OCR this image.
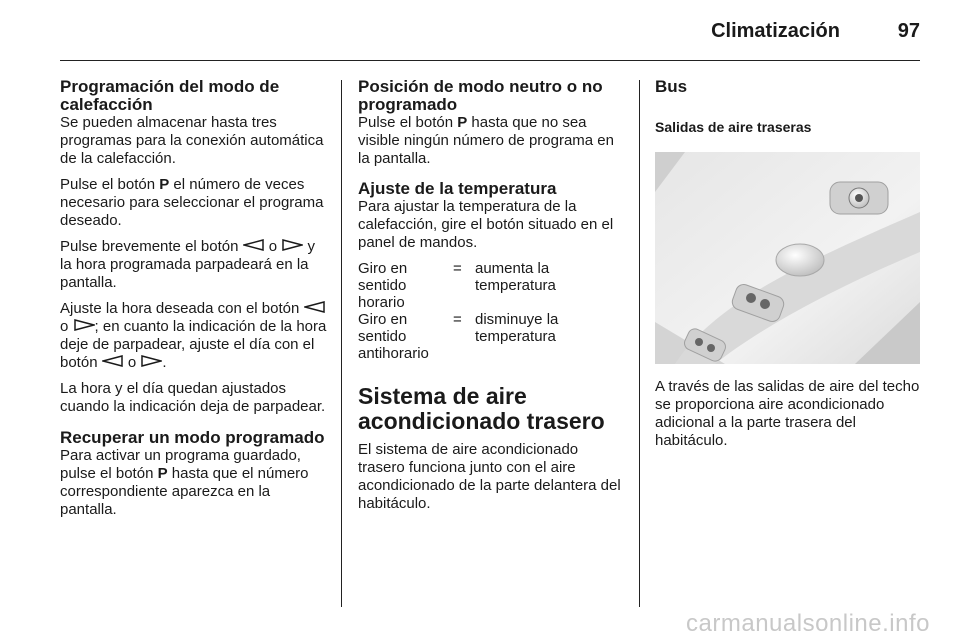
Climatización	97
Programación del modo de calefacción

Se pueden almacenar hasta tres programas para la conexión automática de la calefacción.

Pulse el botón P el número de veces necesario para seleccionar el programa deseado.

Pulse brevemente el botón  o  y la hora programada parpadeará en la pantalla.

Ajuste la hora deseada con el botón  o ; en cuanto la indicación de la hora deje de parpadear, ajuste el día con el botón  o .

La hora y el día quedan ajustados cuando la indicación deja de parpadear.

Recuperar un modo programado

Para activar un programa guardado, pulse el botón P hasta que el número correspondiente aparezca en la pantalla.

Posición de modo neutro o no programado

Pulse el botón P hasta que no sea visible ningún número de programa en la pantalla.

Ajuste de la temperatura

Para ajustar la temperatura de la calefacción, gire el botón situado en el panel de mandos.

Giro en sentido horario
= aumenta la temperatura
Giro en sentido antihorario
= disminuye la temperatura
Sistema de aire acondicionado trasero

El sistema de aire acondicionado trasero funciona junto con el aire acondicionado de la parte delantera del habitáculo.

Bus
Salidas de aire traseras

A través de las salidas de aire del techo se proporciona aire acondicionado adicional a la parte trasera del habitáculo.

carmanualsonline.info
